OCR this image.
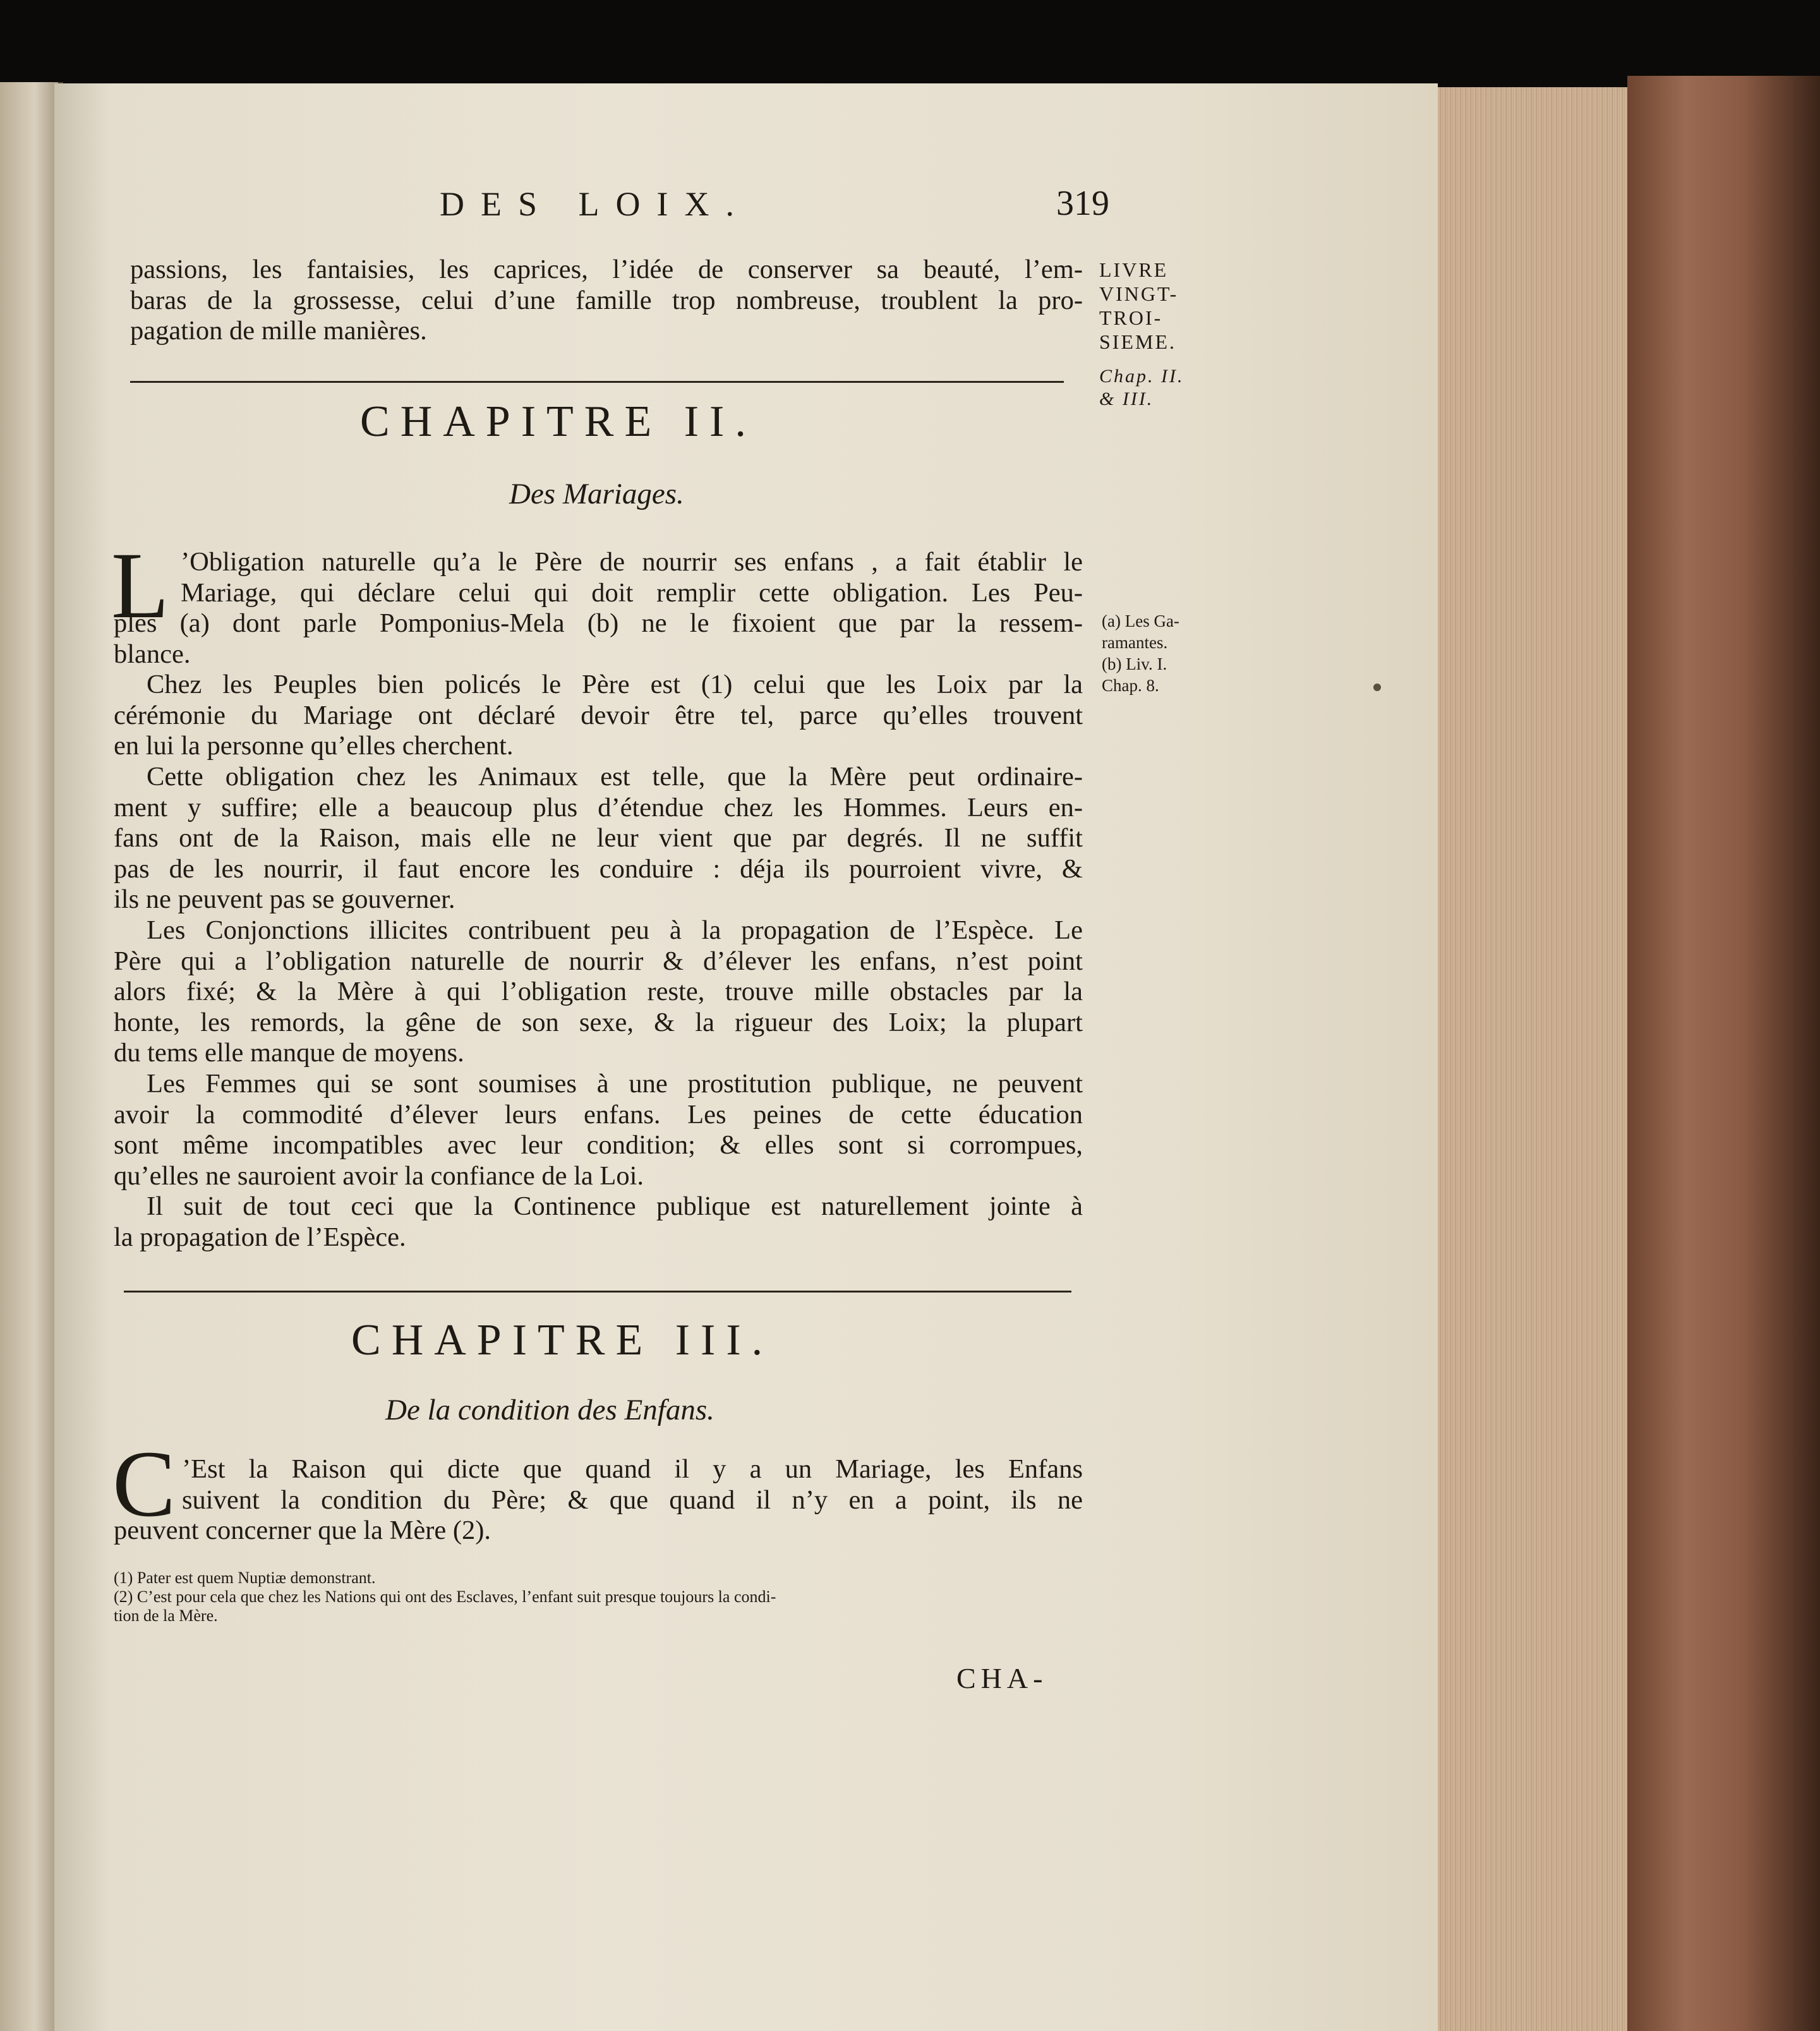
DES LOIX.	319
LIVRE
VINGT-
TROI-
SIEME.
Chap. II.
& III.
passions, les fantaisies, les caprices, l’idée de conserver sa beauté, l’em-
baras de la grossesse, celui d’une famille trop nombreuse, troublent la pro-
pagation de mille manières.
CHAPITRE II.
Des Mariages.
L ’Obligation naturelle qu’a le Père de nourrir ses enfans , a fait établir le
Mariage, qui déclare celui qui doit remplir cette obligation. Les Peu-
ples (a) dont parle Pomponius-Mela (b) ne le fixoient que par la ressem-
blance.
Chez les Peuples bien policés le Père est (1) celui que les Loix par la
cérémonie du Mariage ont déclaré devoir être tel, parce qu’elles trouvent
en lui la personne qu’elles cherchent.
Cette obligation chez les Animaux est telle, que la Mère peut ordinaire-
ment y suffire; elle a beaucoup plus d’étendue chez les Hommes. Leurs en-
fans ont de la Raison, mais elle ne leur vient que par degrés. Il ne suffit
pas de les nourrir, il faut encore les conduire : déja ils pourroient vivre, &
ils ne peuvent pas se gouverner.
Les Conjonctions illicites contribuent peu à la propagation de l’Espèce. Le
Père qui a l’obligation naturelle de nourrir & d’élever les enfans, n’est point
alors fixé; & la Mère à qui l’obligation reste, trouve mille obstacles par la
honte, les remords, la gêne de son sexe, & la rigueur des Loix; la plupart
du tems elle manque de moyens.
Les Femmes qui se sont soumises à une prostitution publique, ne peuvent
avoir la commodité d’élever leurs enfans. Les peines de cette éducation
sont même incompatibles avec leur condition; & elles sont si corrompues,
qu’elles ne sauroient avoir la confiance de la Loi.
Il suit de tout ceci que la Continence publique est naturellement jointe à
la propagation de l’Espèce.
(a) Les Ga-
ramantes.
(b) Liv. I.
Chap. 8.
CHAPITRE III.
De la condition des Enfans.
C ’Est la Raison qui dicte que quand il y a un Mariage, les Enfans
suivent la condition du Père; & que quand il n’y en a point, ils ne
peuvent concerner que la Mère (2).
(1) Pater est quem Nuptiæ demonstrant.
(2) C’est pour cela que chez les Nations qui ont des Esclaves, l’enfant suit presque toujours la condi-
tion de la Mère.
CHA-
